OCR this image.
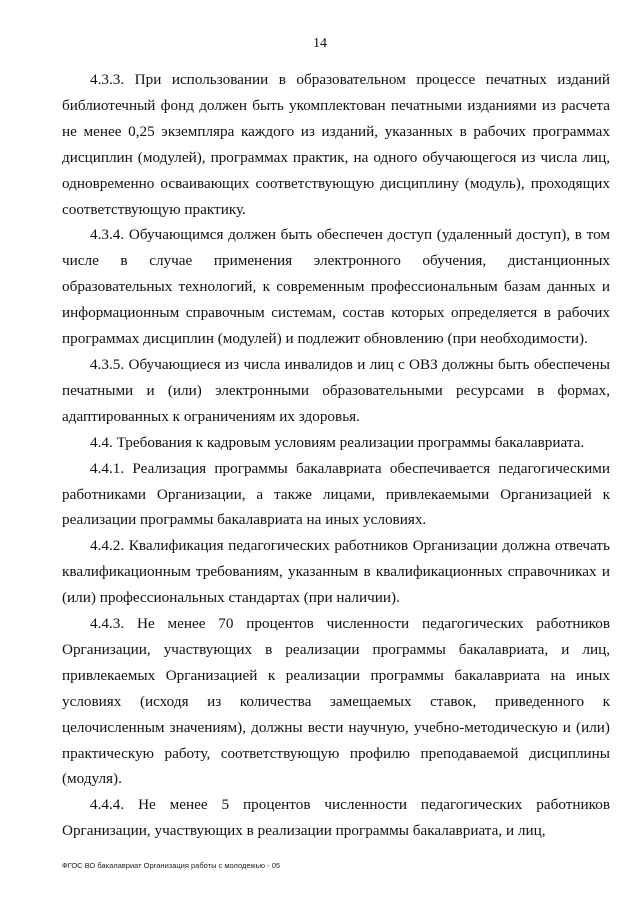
14

4.3.3. При использовании в образовательном процессе печатных изданий библиотечный фонд должен быть укомплектован печатными изданиями из расчета не менее 0,25 экземпляра каждого из изданий, указанных в рабочих программах дисциплин (модулей), программах практик, на одного обучающегося из числа лиц, одновременно осваивающих соответствующую дисциплину (модуль), проходящих соответствующую практику.

4.3.4. Обучающимся должен быть обеспечен доступ (удаленный доступ), в том числе в случае применения электронного обучения, дистанционных образовательных технологий, к современным профессиональным базам данных и информационным справочным системам, состав которых определяется в рабочих программах дисциплин (модулей) и подлежит обновлению (при необходимости).

4.3.5. Обучающиеся из числа инвалидов и лиц с ОВЗ должны быть обеспечены печатными и (или) электронными образовательными ресурсами в формах, адаптированных к ограничениям их здоровья.

4.4. Требования к кадровым условиям реализации программы бакалавриата.

4.4.1. Реализация программы бакалавриата обеспечивается педагогическими работниками Организации, а также лицами, привлекаемыми Организацией к реализации программы бакалавриата на иных условиях.

4.4.2. Квалификация педагогических работников Организации должна отвечать квалификационным требованиям, указанным в квалификационных справочниках и (или) профессиональных стандартах (при наличии).

4.4.3. Не менее 70 процентов численности педагогических работников Организации, участвующих в реализации программы бакалавриата, и лиц, привлекаемых Организацией к реализации программы бакалавриата на иных условиях (исходя из количества замещаемых ставок, приведенного к целочисленным значениям), должны вести научную, учебно-методическую и (или) практическую работу, соответствующую профилю преподаваемой дисциплины (модуля).

4.4.4. Не менее 5 процентов численности педагогических работников Организации, участвующих в реализации программы бакалавриата, и лиц,

ФГОС ВО бакалавриат Организация работы с молодежью - 05
